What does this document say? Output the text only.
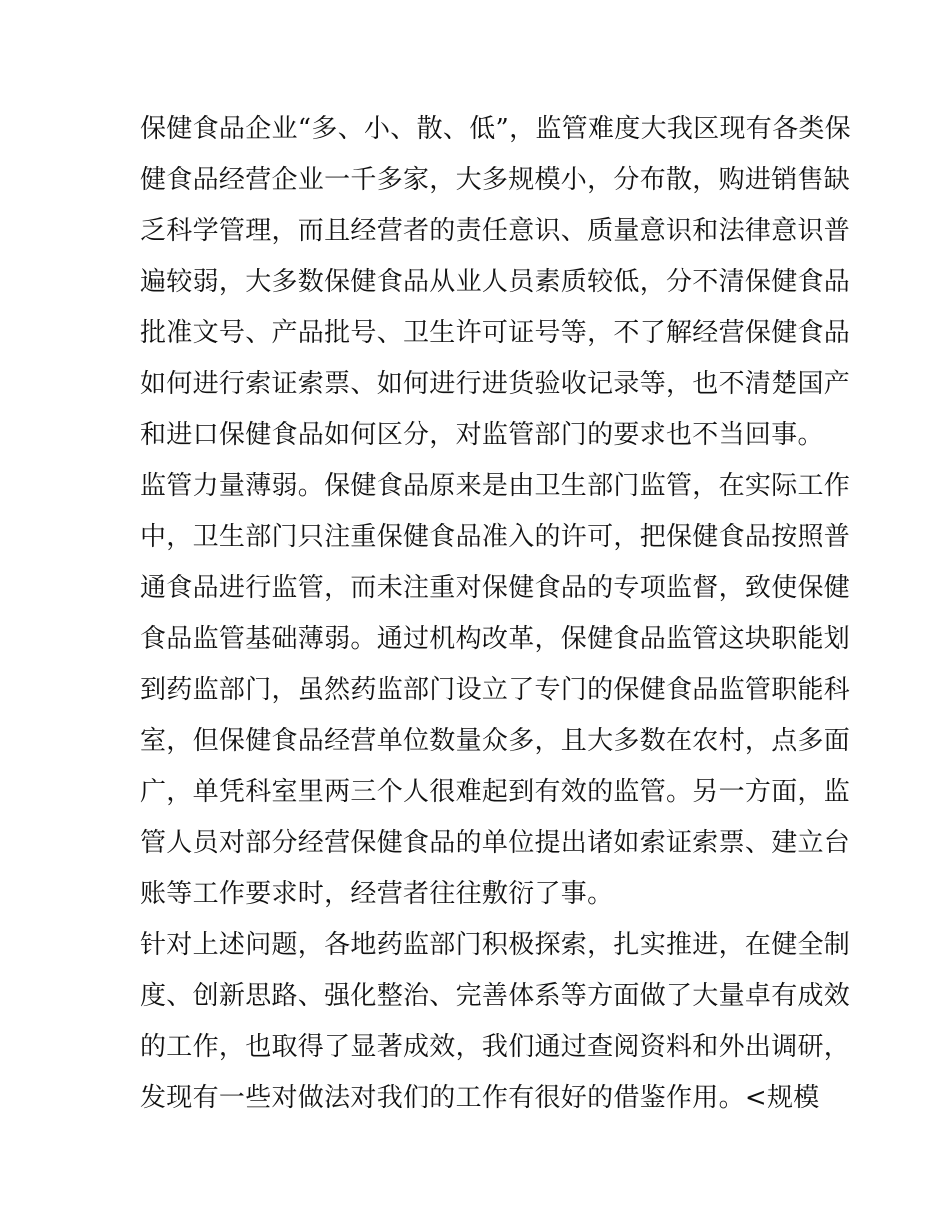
保健食品企业“多、小、散、低”，监管难度大我区现有各类保
健食品经营企业一千多家，大多规模小，分布散，购进销售缺
乏科学管理，而且经营者的责任意识、质量意识和法律意识普
遍较弱，大多数保健食品从业人员素质较低，分不清保健食品
批准文号、产品批号、卫生许可证号等，不了解经营保健食品
如何进行索证索票、如何进行进货验收记录等，也不清楚国产
和进口保健食品如何区分，对监管部门的要求也不当回事。
监管力量薄弱。保健食品原来是由卫生部门监管，在实际工作
中，卫生部门只注重保健食品准入的许可，把保健食品按照普
通食品进行监管，而未注重对保健食品的专项监督，致使保健
食品监管基础薄弱。通过机构改革，保健食品监管这块职能划
到药监部门，虽然药监部门设立了专门的保健食品监管职能科
室，但保健食品经营单位数量众多，且大多数在农村，点多面
广，单凭科室里两三个人很难起到有效的监管。另一方面，监
管人员对部分经营保健食品的单位提出诸如索证索票、建立台
账等工作要求时，经营者往往敷衍了事。
针对上述问题，各地药监部门积极探索，扎实推进，在健全制
度、创新思路、强化整治、完善体系等方面做了大量卓有成效
的工作，也取得了显著成效，我们通过查阅资料和外出调研，
发现有一些对做法对我们的工作有很好的借鉴作用。<规模
